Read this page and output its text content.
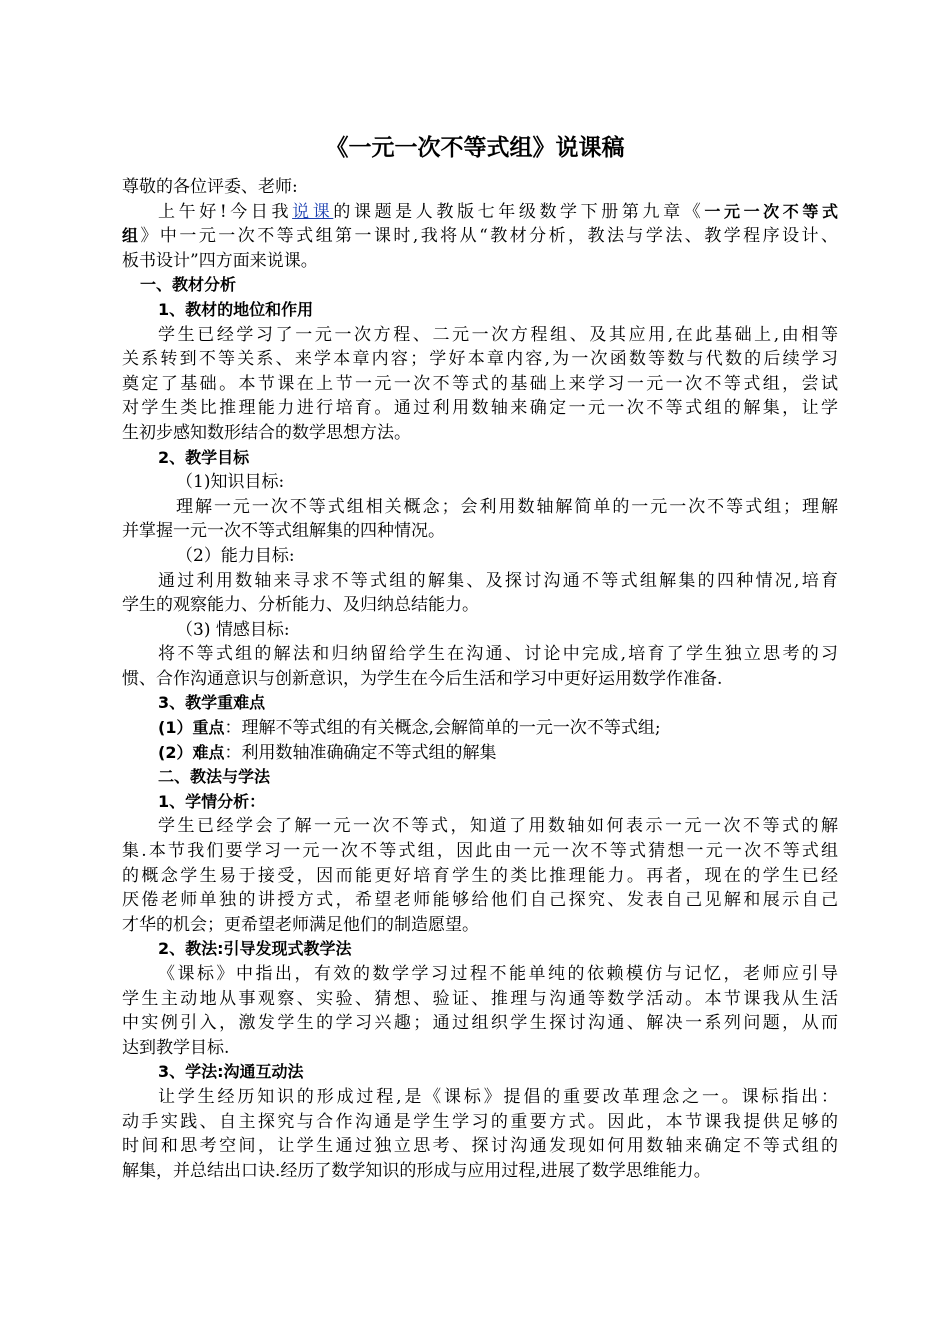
《一元一次不等式组》说课稿

尊敬的各位评委、老师:

上午好!今日我说课的课题是人教版七年级数学下册第九章《一元一次不等式

组》中一元一次不等式组第一课时,我将从“教材分析，教法与学法、教学程序设计、

板书设计”四方面来说课。

一、教材分析

1、教材的地位和作用

学生已经学习了一元一次方程、二元一次方程组、及其应用,在此基础上,由相等

关系转到不等关系、来学本章内容；学好本章内容,为一次函数等数与代数的后续学习

奠定了基础。本节课在上节一元一次不等式的基础上来学习一元一次不等式组，尝试

对学生类比推理能力进行培育。通过利用数轴来确定一元一次不等式组的解集，让学

生初步感知数形结合的数学思想方法。

2、教学目标

（1)知识目标:

理解一元一次不等式组相关概念；会利用数轴解简单的一元一次不等式组；理解

并掌握一元一次不等式组解集的四种情况。

（2）能力目标:

通过利用数轴来寻求不等式组的解集、及探讨沟通不等式组解集的四种情况,培育

学生的观察能力、分析能力、及归纳总结能力。

（3) 情感目标:

将不等式组的解法和归纳留给学生在沟通、讨论中完成,培育了学生独立思考的习

惯、合作沟通意识与创新意识，为学生在今后生活和学习中更好运用数学作准备.

3、教学重难点

(1）重点：理解不等式组的有关概念,会解简单的一元一次不等式组;

(2）难点：利用数轴准确确定不等式组的解集

二、教法与学法

1、学情分析：

学生已经学会了解一元一次不等式，知道了用数轴如何表示一元一次不等式的解

集.本节我们要学习一元一次不等式组，因此由一元一次不等式猜想一元一次不等式组

的概念学生易于接受，因而能更好培育学生的类比推理能力。再者，现在的学生已经

厌倦老师单独的讲授方式，希望老师能够给他们自己探究、发表自己见解和展示自己

才华的机会；更希望老师满足他们的制造愿望。

2、教法:引导发现式教学法

《课标》中指出，有效的数学学习过程不能单纯的依赖模仿与记忆，老师应引导

学生主动地从事观察、实验、猜想、验证、推理与沟通等数学活动。本节课我从生活

中实例引入，激发学生的学习兴趣；通过组织学生探讨沟通、解决一系列问题，从而

达到教学目标.

3、学法:沟通互动法

让学生经历知识的形成过程,是《课标》提倡的重要改革理念之一。课标指出：

动手实践、自主探究与合作沟通是学生学习的重要方式。因此，本节课我提供足够的

时间和思考空间，让学生通过独立思考、探讨沟通发现如何用数轴来确定不等式组的

解集，并总结出口诀.经历了数学知识的形成与应用过程,进展了数学思维能力。
